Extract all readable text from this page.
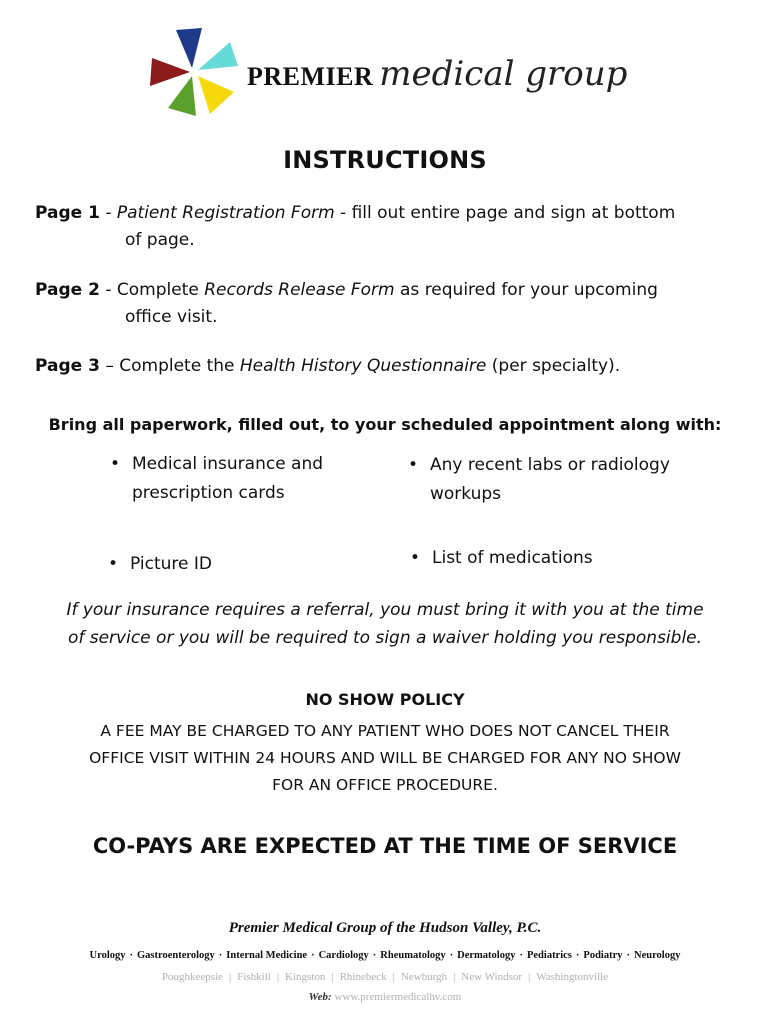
PREMIER medical group
INSTRUCTIONS
Page 1 - Patient Registration Form - fill out entire page and sign at bottom
of page.
Page 2 - Complete Records Release Form as required for your upcoming
office visit.
Page 3 – Complete the Health History Questionnaire (per specialty).
Bring all paperwork, filled out, to your scheduled appointment along with:
• Medical insurance and
prescription cards
• Any recent labs or radiology
workups
• Picture ID	• List of medications
If your insurance requires a referral, you must bring it with you at the time
of service or you will be required to sign a waiver holding you responsible.
NO SHOW POLICY
A FEE MAY BE CHARGED TO ANY PATIENT WHO DOES NOT CANCEL THEIR
OFFICE VISIT WITHIN 24 HOURS AND WILL BE CHARGED FOR ANY NO SHOW
FOR AN OFFICE PROCEDURE.
CO-PAYS ARE EXPECTED AT THE TIME OF SERVICE
Premier Medical Group of the Hudson Valley, P.C.
Urology · Gastroenterology · Internal Medicine · Cardiology · Rheumatology · Dermatology · Pediatrics · Podiatry · Neurology
Poughkeepsie | Fishkill | Kingston | Rhinebeck | Newburgh | New Windsor | Washingtonville
Web: www.premiermedicalhv.com
